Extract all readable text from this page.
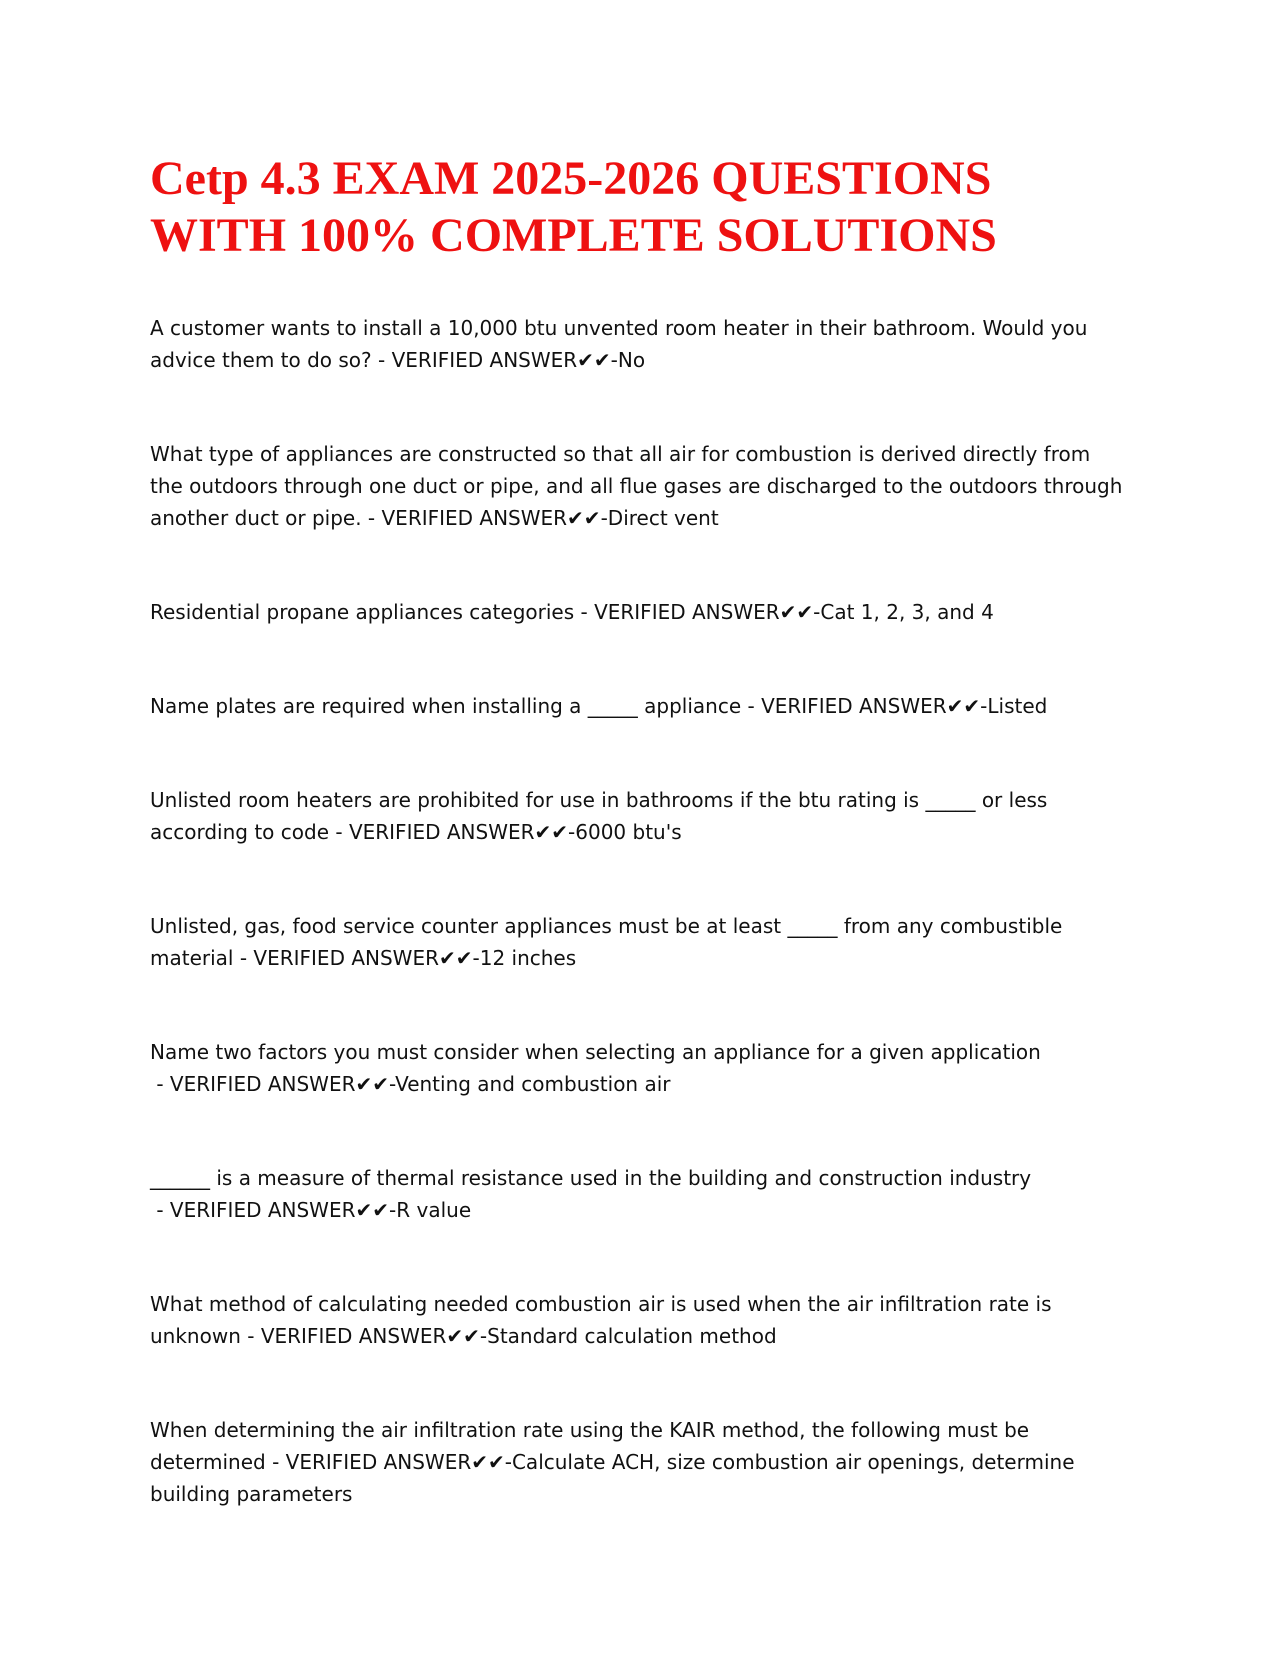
Cetp 4.3 EXAM 2025-2026 QUESTIONS WITH 100% COMPLETE SOLUTIONS

A customer wants to install a 10,000 btu unvented room heater in their bathroom. Would you advice them to do so? - VERIFIED ANSWER✔✔-No

What type of appliances are constructed so that all air for combustion is derived directly from the outdoors through one duct or pipe, and all flue gases are discharged to the outdoors through another duct or pipe. - VERIFIED ANSWER✔✔-Direct vent

Residential propane appliances categories - VERIFIED ANSWER✔✔-Cat 1, 2, 3, and 4

Name plates are required when installing a _____ appliance - VERIFIED ANSWER✔✔-Listed

Unlisted room heaters are prohibited for use in bathrooms if the btu rating is _____ or less according to code - VERIFIED ANSWER✔✔-6000 btu's

Unlisted, gas, food service counter appliances must be at least _____ from any combustible material - VERIFIED ANSWER✔✔-12 inches

Name two factors you must consider when selecting an appliance for a given application - VERIFIED ANSWER✔✔-Venting and combustion air

______ is a measure of thermal resistance used in the building and construction industry - VERIFIED ANSWER✔✔-R value

What method of calculating needed combustion air is used when the air infiltration rate is unknown - VERIFIED ANSWER✔✔-Standard calculation method

When determining the air infiltration rate using the KAIR method, the following must be determined - VERIFIED ANSWER✔✔-Calculate ACH, size combustion air openings, determine building parameters
